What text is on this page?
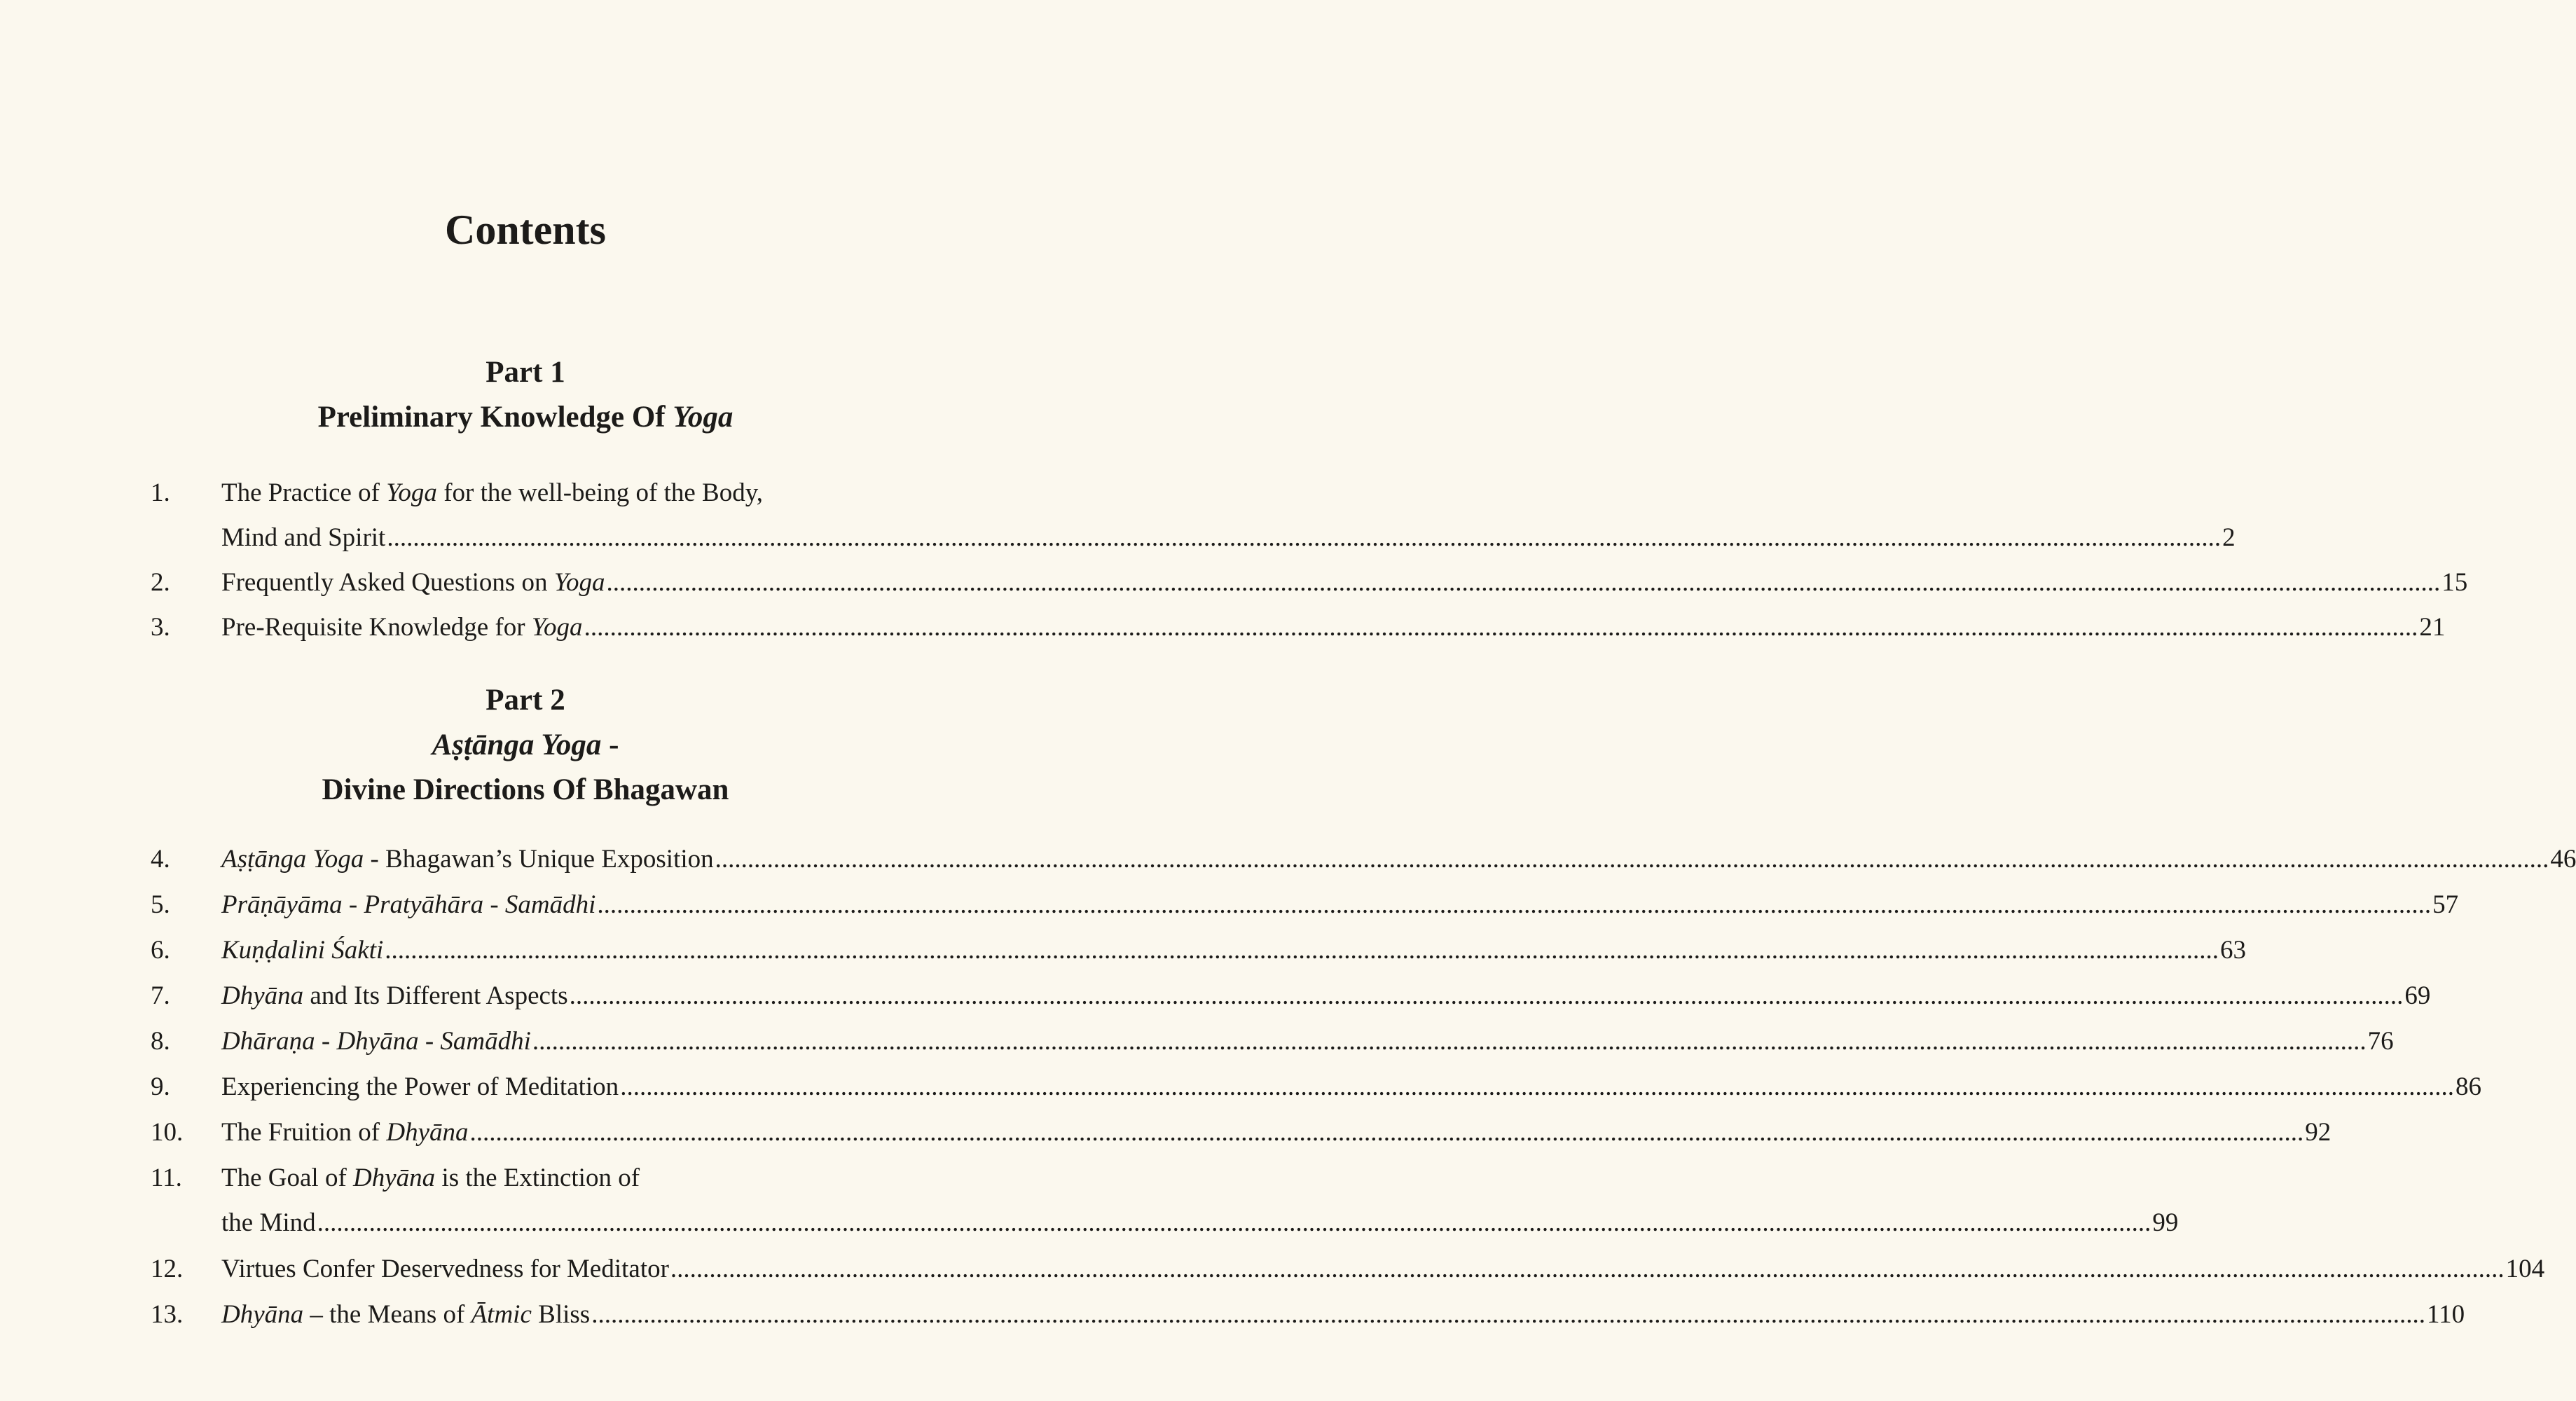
Contents
Part 1
Preliminary Knowledge Of Yoga
1. The Practice of Yoga for the well-being of the Body,
Mind and Spirit ........................................................................................................................................................................................................................................................................................... 2
2. Frequently Asked Questions on Yoga ........................................................................................................................................................................................................................................................................................... 15
3. Pre-Requisite Knowledge for Yoga ........................................................................................................................................................................................................................................................................................... 21
Part 2
Aṣṭānga Yoga -
Divine Directions Of Bhagawan
4. Aṣṭānga Yoga - Bhagawan’s Unique Exposition ........................................................................................................................................................................................................................................................................................... 46
5. Prāṇāyāma - Pratyāhāra - Samādhi ........................................................................................................................................................................................................................................................................................... 57
6. Kuṇḍalini Śakti ........................................................................................................................................................................................................................................................................................... 63
7. Dhyāna and Its Different Aspects ........................................................................................................................................................................................................................................................................................... 69
8. Dhāraṇa - Dhyāna - Samādhi ........................................................................................................................................................................................................................................................................................... 76
9. Experiencing the Power of Meditation ........................................................................................................................................................................................................................................................................................... 86
10. The Fruition of Dhyāna ........................................................................................................................................................................................................................................................................................... 92
11. The Goal of Dhyāna is the Extinction of
the Mind ........................................................................................................................................................................................................................................................................................... 99
12. Virtues Confer Deservedness for Meditator ........................................................................................................................................................................................................................................................................................... 104
13. Dhyāna – the Means of Ātmic Bliss ........................................................................................................................................................................................................................................................................................... 110
